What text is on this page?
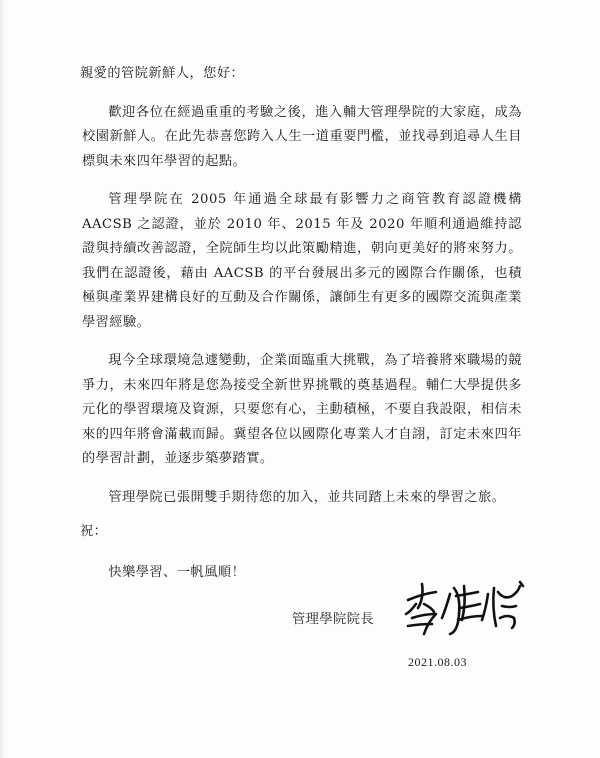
親愛的管院新鮮人，您好：

歡迎各位在經過重重的考驗之後，進入輔大管理學院的大家庭，成為校園新鮮人。在此先恭喜您跨入人生一道重要門檻，並找尋到追尋人生目標與未來四年學習的起點。

管理學院在 2005 年通過全球最有影響力之商管教育認證機構 AACSB 之認證，並於 2010 年、2015 年及 2020 年順利通過維持認證與持續改善認證，全院師生均以此策勵精進，朝向更美好的將來努力。我們在認證後，藉由 AACSB 的平台發展出多元的國際合作關係，也積極與產業界建構良好的互動及合作關係，讓師生有更多的國際交流與產業學習經驗。

現今全球環境急遽變動，企業面臨重大挑戰，為了培養將來職場的競爭力，未來四年將是您為接受全新世界挑戰的奠基過程。輔仁大學提供多元化的學習環境及資源，只要您有心，主動積極，不要自我設限，相信未來的四年將會滿載而歸。冀望各位以國際化專業人才自詡，訂定未來四年的學習計劃，並逐步築夢踏實。

管理學院已張開雙手期待您的加入，並共同踏上未來的學習之旅。

祝：

快樂學習、一帆風順！

管理學院院長
2021.08.03
